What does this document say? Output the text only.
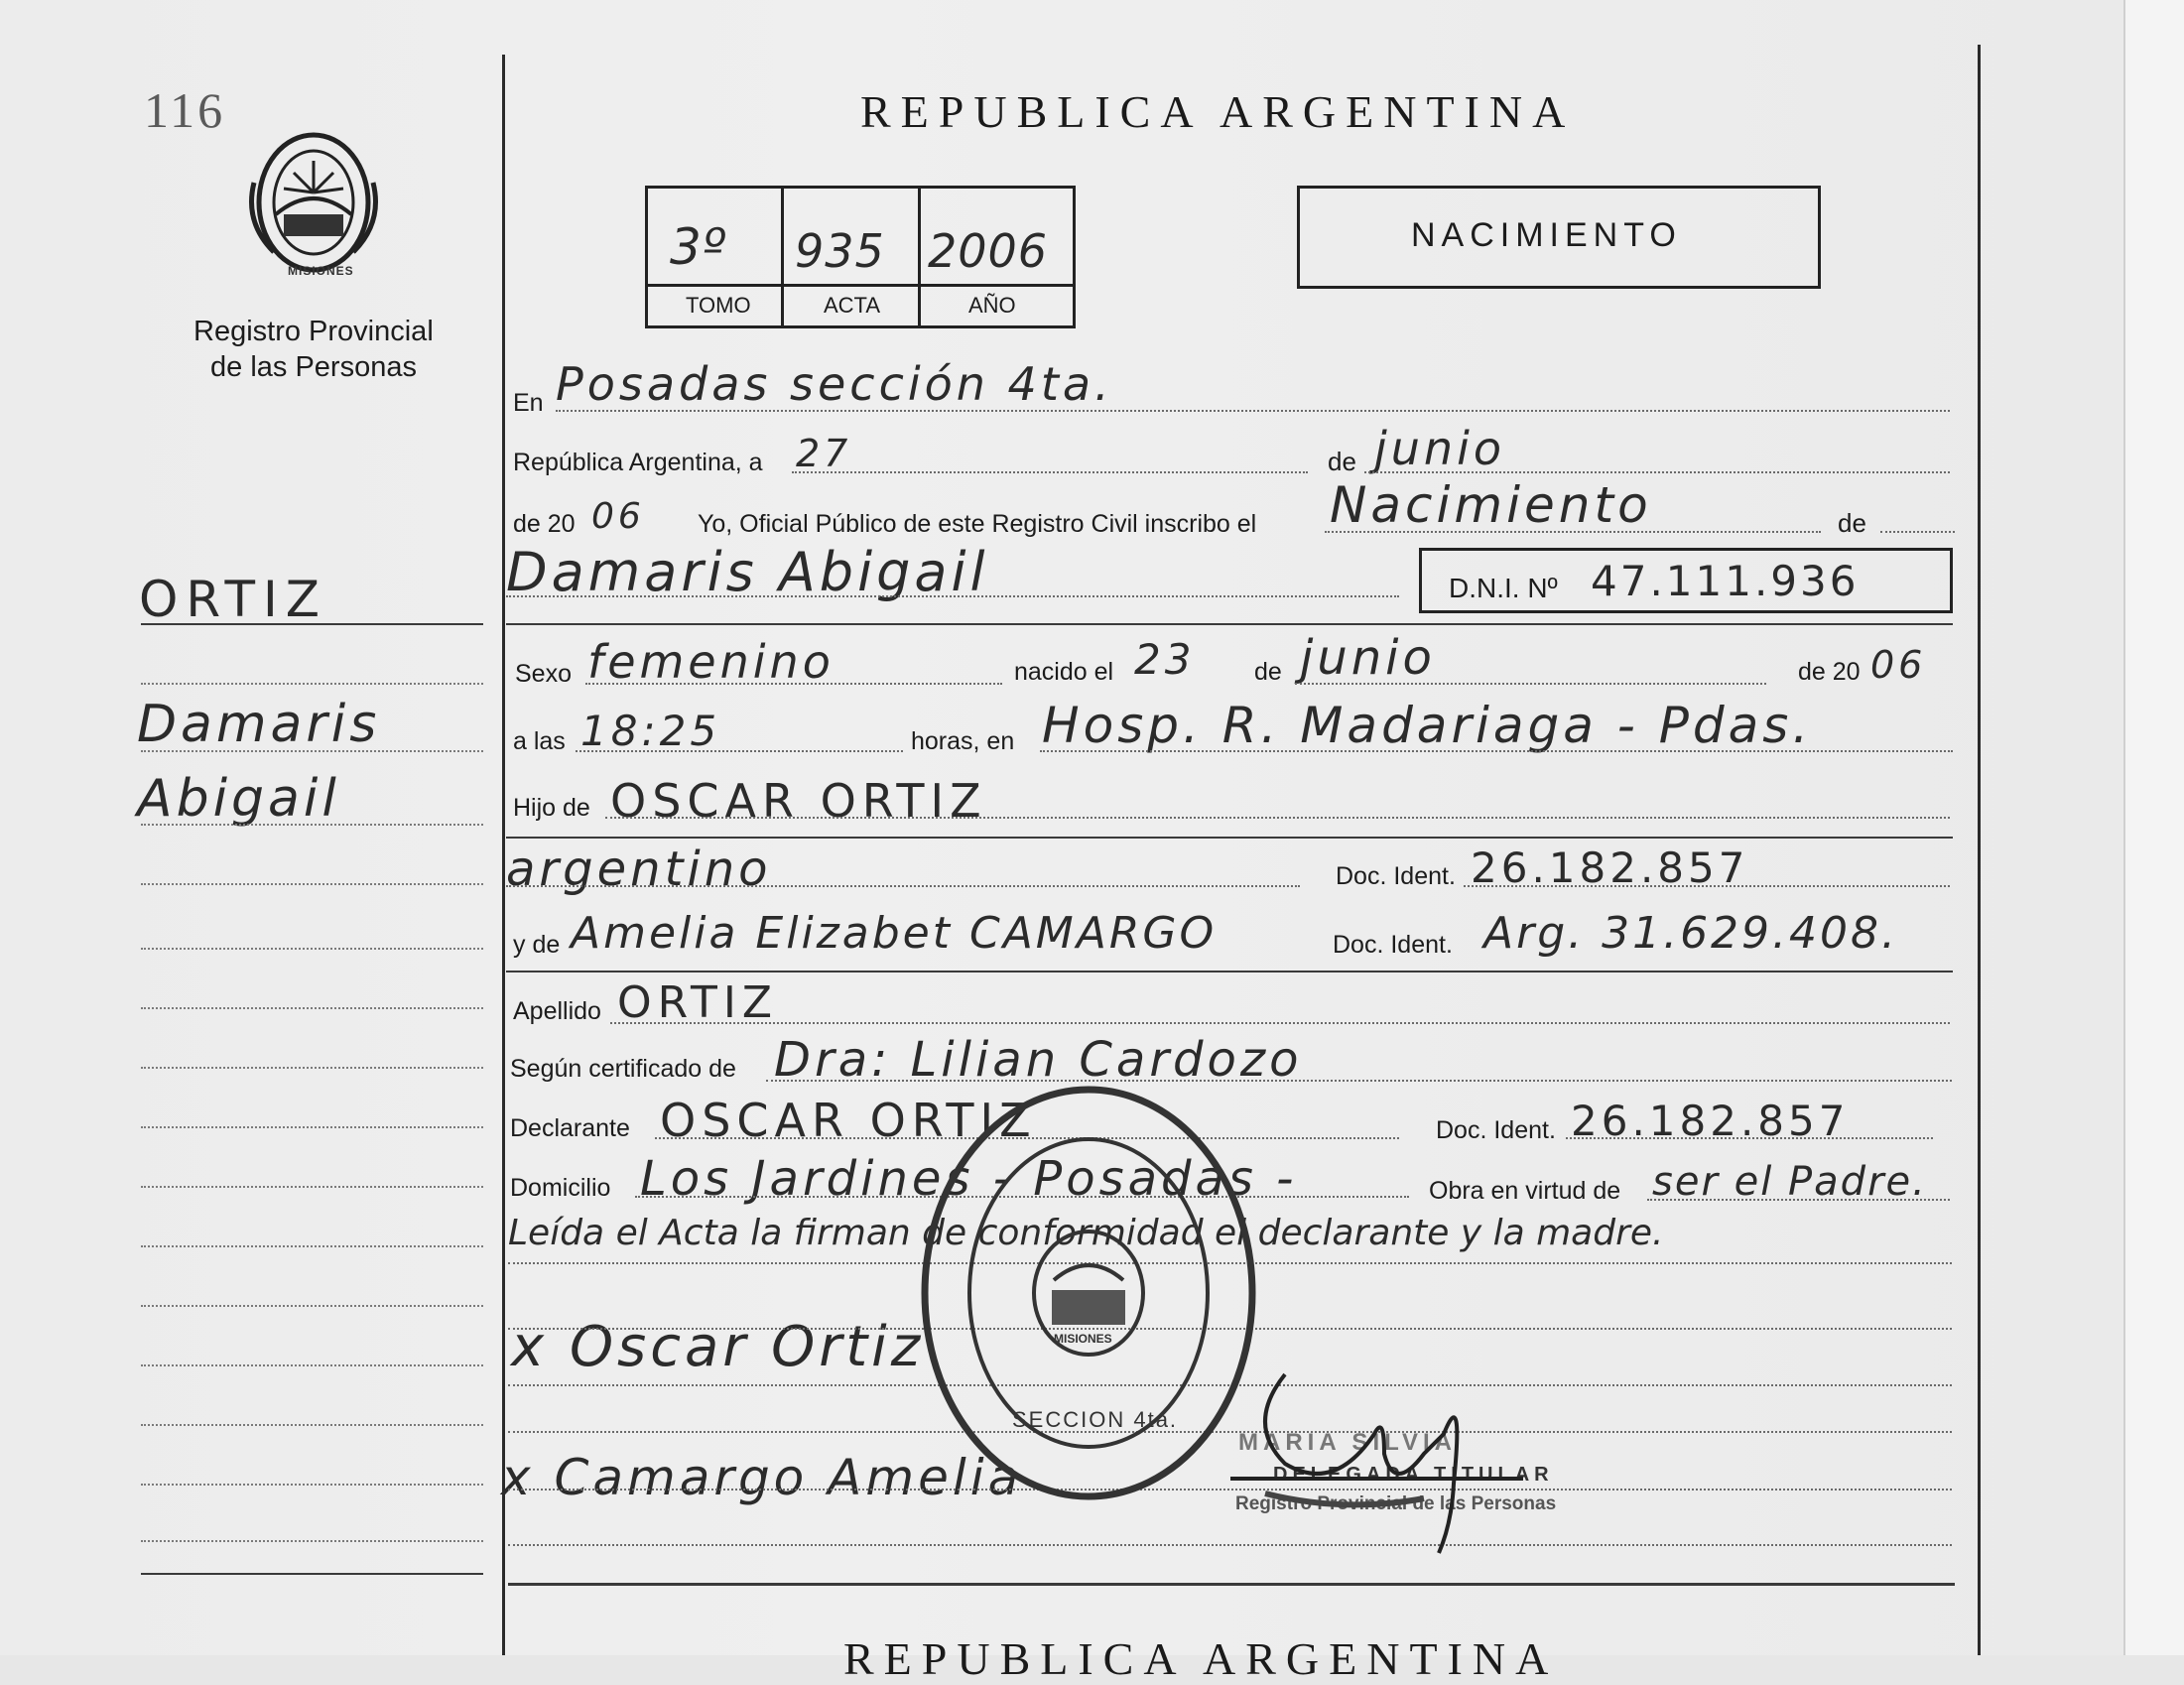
116
MISIONES
Registro Provincial
de las Personas
REPUBLICA ARGENTINA
3º 935 2006
TOMO	ACTA	AÑO
NACIMIENTO
ORTIZ
Damaris
Abigail
En Posadas sección 4ta.
República Argentina, a 27	de junio
de 20 06 Yo, Oficial Público de este Registro Civil inscribo el Nacimiento	de
Damaris Abigail	D.N.I. Nº 47.111.936
Sexo femenino	nacido el 23 de junio	de 20 06
a las 18:25	horas, en Hosp. R. Madariaga - Pdas.
Hijo de OSCAR ORTIZ
argentino	Doc. Ident. 26.182.857
y de Amelia Elizabet CAMARGO	Doc. Ident. Arg. 31.629.408.
Apellido ORTIZ
Según certificado de Dra: Lilian Cardozo
Declarante OSCAR ORTIZ	Doc. Ident. 26.182.857
Domicilio Los Jardines - Posadas -	Obra en virtud de ser el Padre.
Leída el Acta la firman de conformidad el declarante y la madre.
x Oscar Ortiz
x Camargo Amelia
SECCION 4ta.
MISIONES
MARIA SILVIA
DELEGADA TITULAR
Registro Provincial de las Personas
REPUBLICA ARGENTINA
